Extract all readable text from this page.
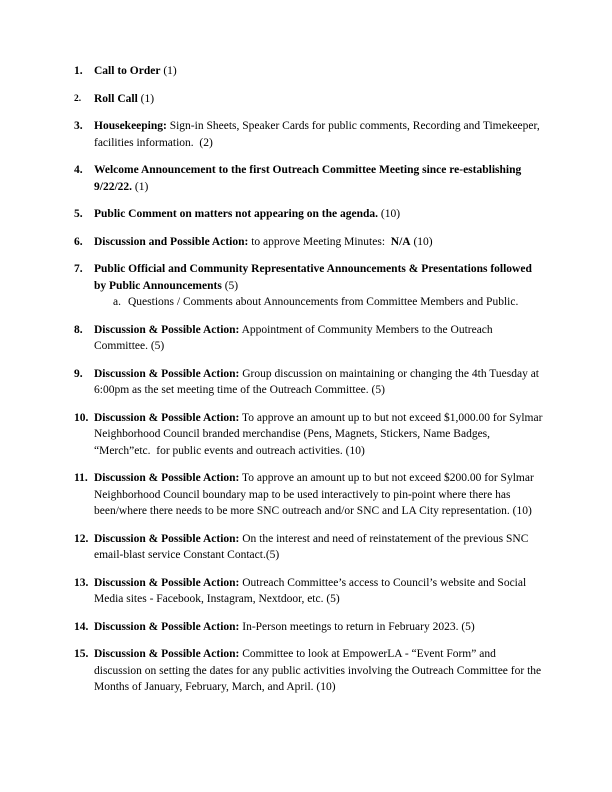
1. Call to Order (1)
2.	Roll Call (1)
3. Housekeeping: Sign-in Sheets, Speaker Cards for public comments, Recording and Timekeeper, facilities information.  (2)
4. Welcome Announcement to the first Outreach Committee Meeting since re-establishing 9/22/22. (1)
5. Public Comment on matters not appearing on the agenda. (10)
6. Discussion and Possible Action: to approve Meeting Minutes:  N/A (10)
7. Public Official and Community Representative Announcements & Presentations followed by Public Announcements (5)
a. Questions / Comments about Announcements from Committee Members and Public.
8. Discussion & Possible Action: Appointment of Community Members to the Outreach Committee. (5)
9. Discussion & Possible Action: Group discussion on maintaining or changing the 4th Tuesday at 6:00pm as the set meeting time of the Outreach Committee. (5)
10. Discussion & Possible Action: To approve an amount up to but not exceed $1,000.00 for Sylmar Neighborhood Council branded merchandise (Pens, Magnets, Stickers, Name Badges, “Merch”etc.  for public events and outreach activities. (10)
11. Discussion & Possible Action: To approve an amount up to but not exceed $200.00 for Sylmar Neighborhood Council boundary map to be used interactively to pin-point where there has been/where there needs to be more SNC outreach and/or SNC and LA City representation. (10)
12. Discussion & Possible Action: On the interest and need of reinstatement of the previous SNC email-blast service Constant Contact.(5)
13. Discussion & Possible Action: Outreach Committee’s access to Council’s website and Social Media sites - Facebook, Instagram, Nextdoor, etc. (5)
14. Discussion & Possible Action: In-Person meetings to return in February 2023. (5)
15. Discussion & Possible Action: Committee to look at EmpowerLA - “Event Form” and discussion on setting the dates for any public activities involving the Outreach Committee for the Months of January, February, March, and April. (10)
